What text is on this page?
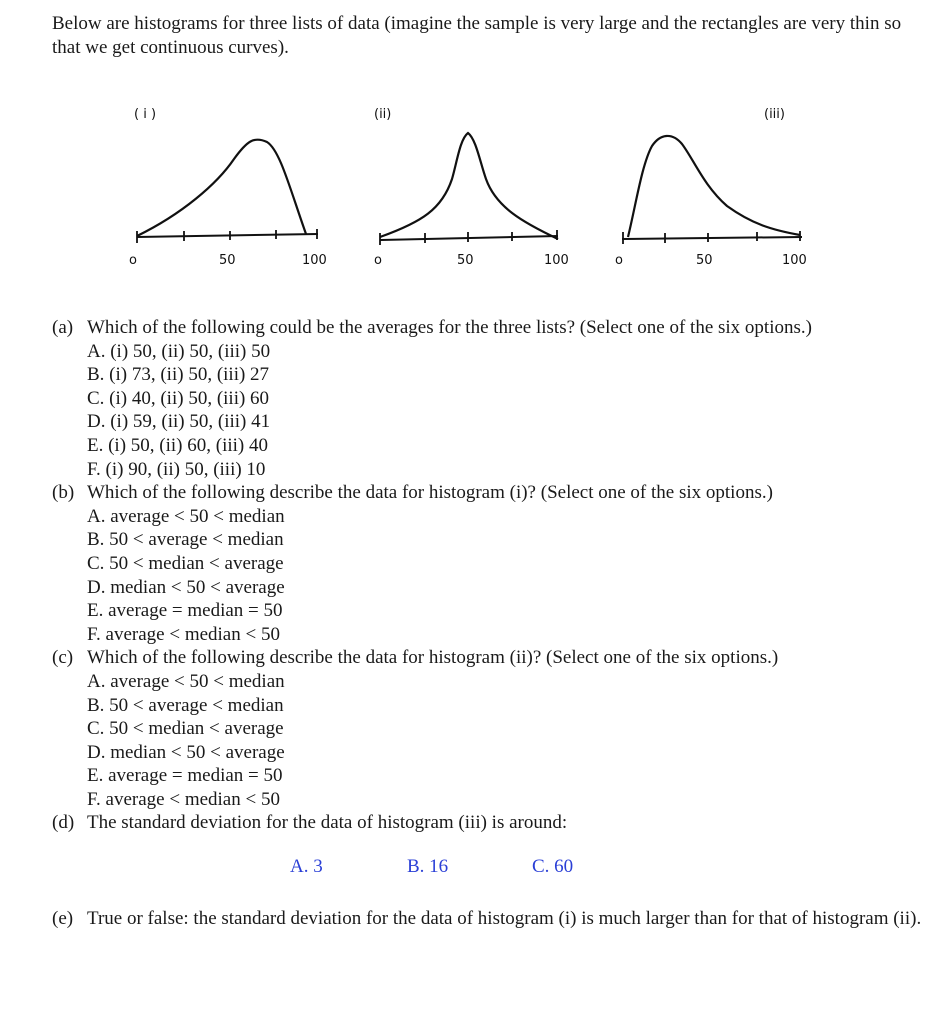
Below are histograms for three lists of data (imagine the sample is very large and the rectangles are very thin so that we get continuous curves).
( i )
o	50	100
(ii)
o	50	100
(iii)
o	50	100
(a) Which of the following could be the averages for the three lists? (Select one of the six options.)
A. (i) 50, (ii) 50, (iii) 50
B. (i) 73, (ii) 50, (iii) 27
C. (i) 40, (ii) 50, (iii) 60
D. (i) 59, (ii) 50, (iii) 41
E. (i) 50, (ii) 60, (iii) 40
F. (i) 90, (ii) 50, (iii) 10
(b) Which of the following describe the data for histogram (i)? (Select one of the six options.)
A. average < 50 < median
B. 50 < average < median
C. 50 < median < average
D. median < 50 < average
E. average = median = 50
F. average < median < 50
(c) Which of the following describe the data for histogram (ii)? (Select one of the six options.)
A. average < 50 < median
B. 50 < average < median
C. 50 < median < average
D. median < 50 < average
E. average = median = 50
F. average < median < 50
(d) The standard deviation for the data of histogram (iii) is around:
A. 3	B. 16	C. 60
(e) True or false: the standard deviation for the data of histogram (i) is much larger than for that of histogram (ii).
